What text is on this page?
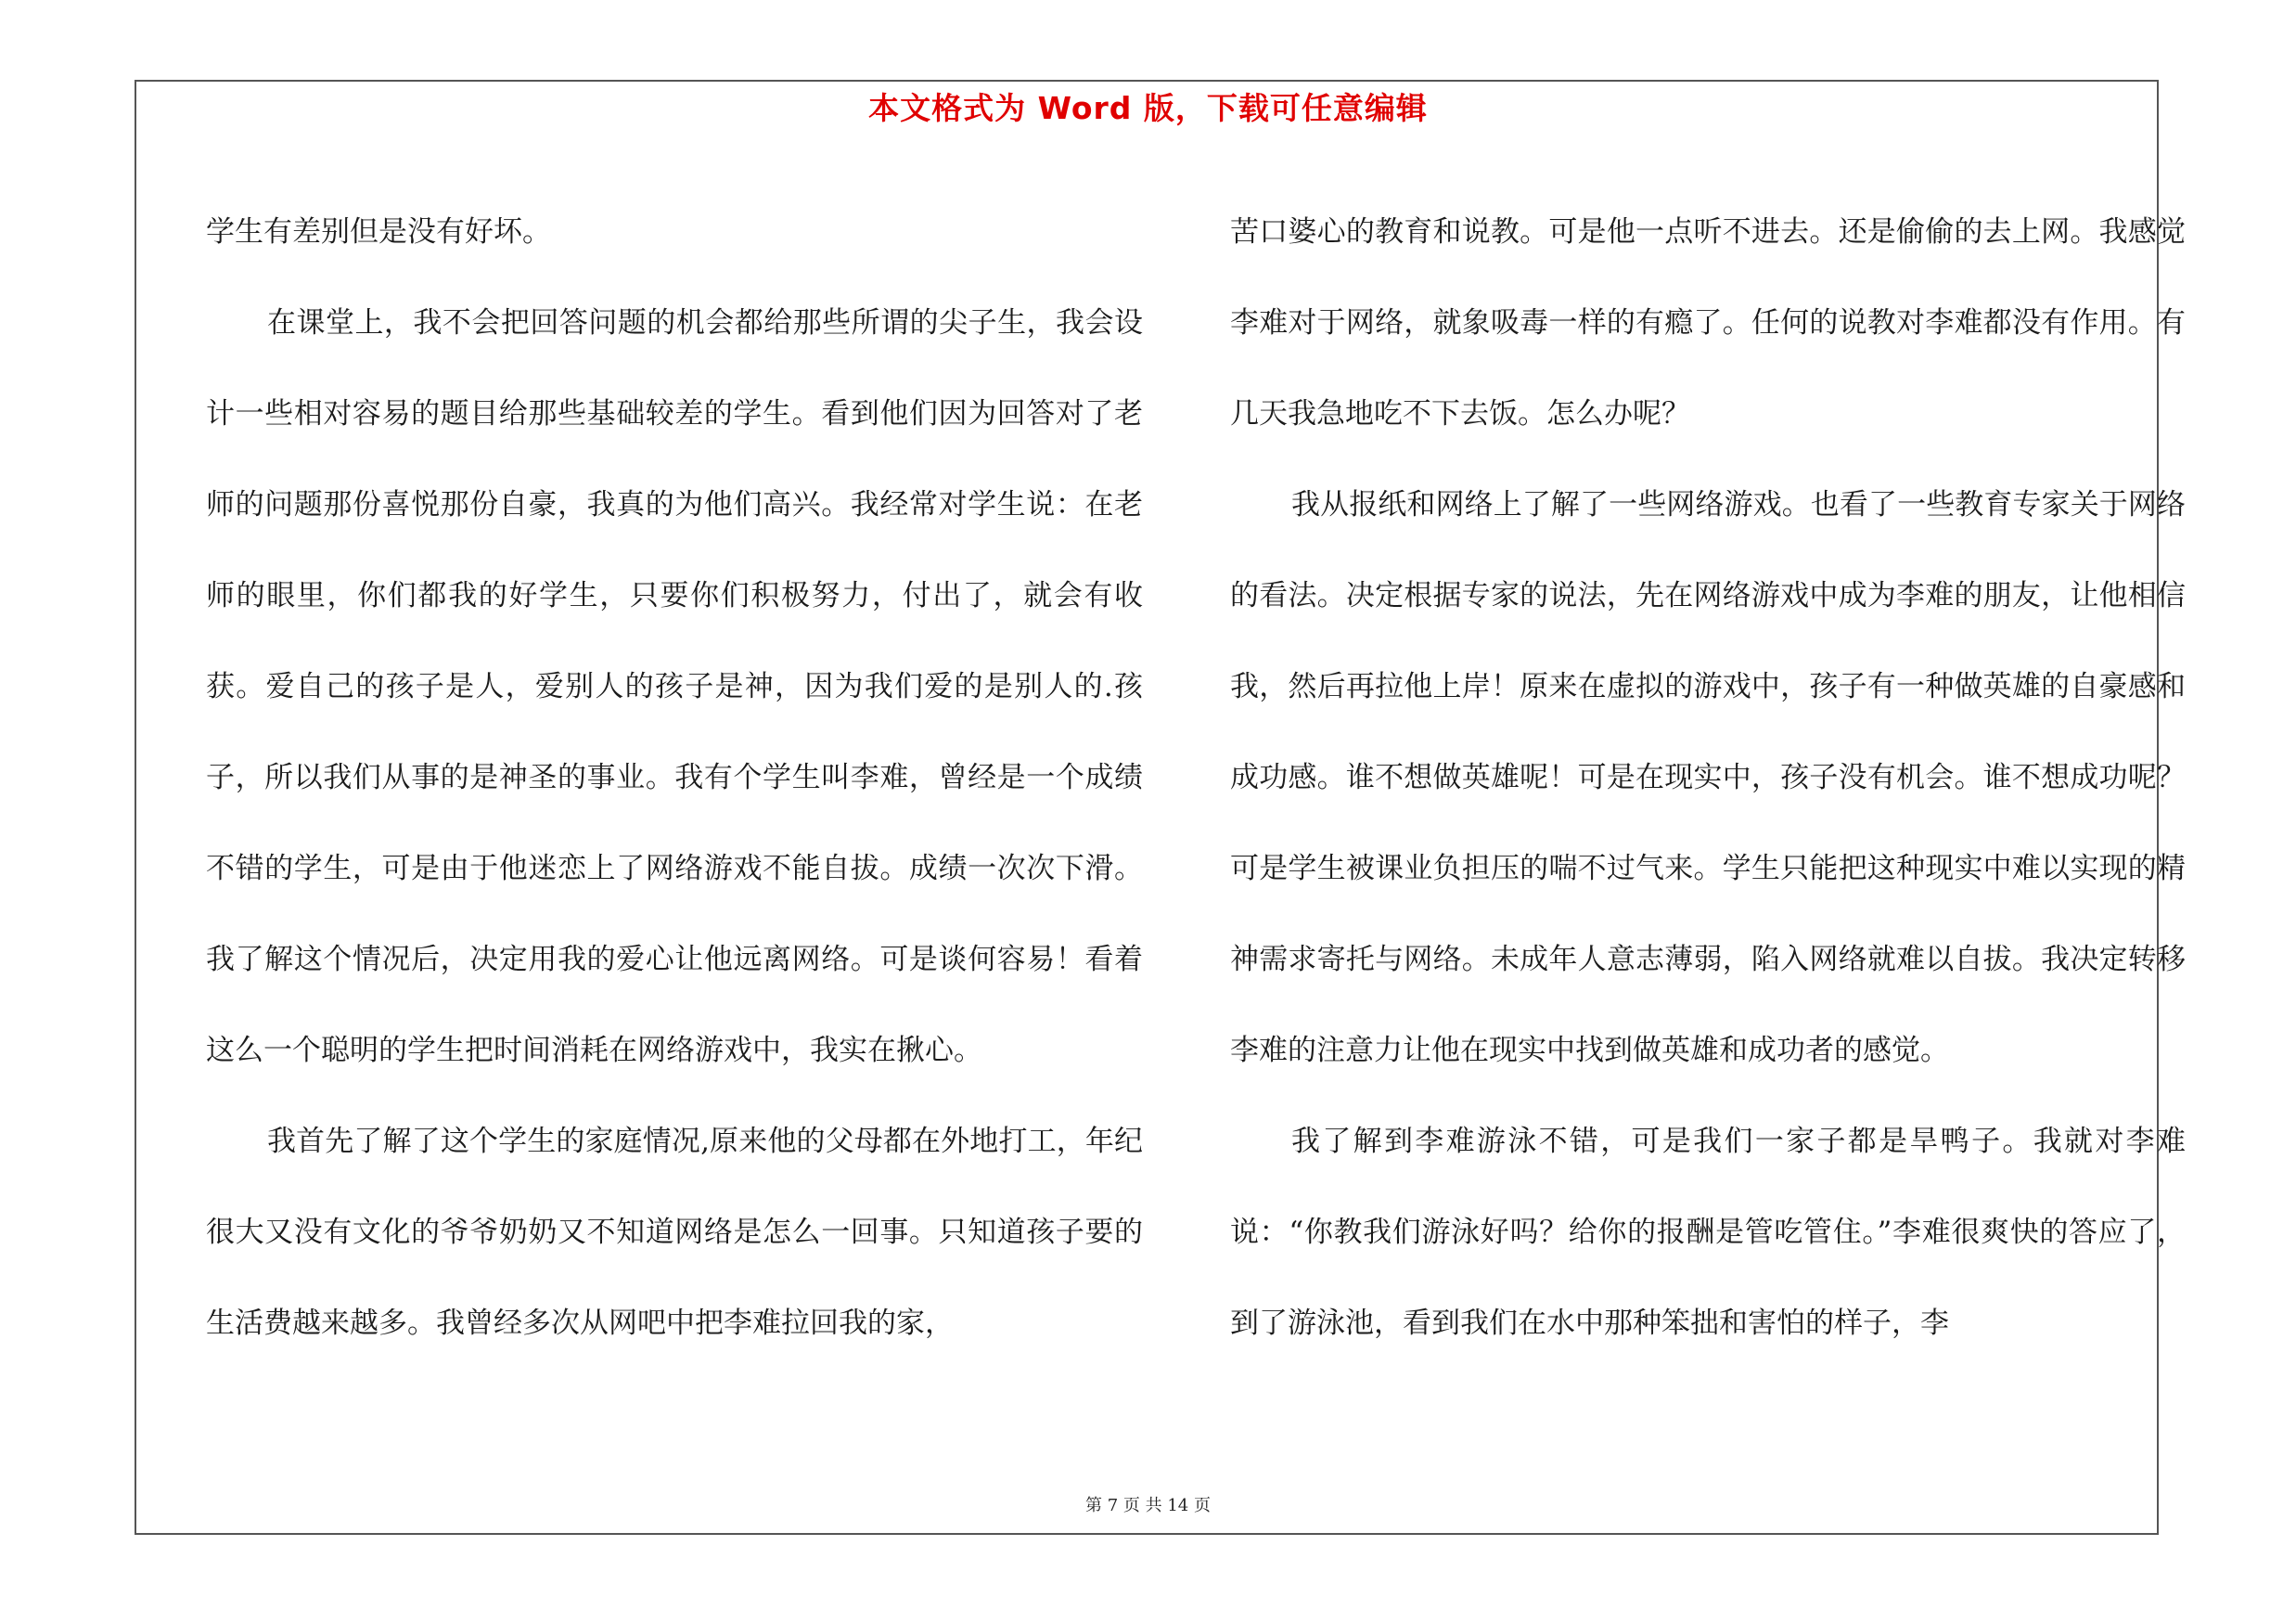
本文格式为 Word 版，下载可任意编辑

学生有差别但是没有好坏。

在课堂上，我不会把回答问题的机会都给那些所谓的尖子生，我会设计一些相对容易的题目给那些基础较差的学生。看到他们因为回答对了老师的问题那份喜悦那份自豪，我真的为他们高兴。我经常对学生说：在老师的眼里，你们都我的好学生，只要你们积极努力，付出了，就会有收获。爱自己的孩子是人，爱别人的孩子是神，因为我们爱的是别人的.孩子，所以我们从事的是神圣的事业。我有个学生叫李难，曾经是一个成绩不错的学生，可是由于他迷恋上了网络游戏不能自拔。成绩一次次下滑。我了解这个情况后，决定用我的爱心让他远离网络。可是谈何容易！看着这么一个聪明的学生把时间消耗在网络游戏中，我实在揪心。

我首先了解了这个学生的家庭情况,原来他的父母都在外地打工，年纪很大又没有文化的爷爷奶奶又不知道网络是怎么一回事。只知道孩子要的生活费越来越多。我曾经多次从网吧中把李难拉回我的家，

苦口婆心的教育和说教。可是他一点听不进去。还是偷偷的去上网。我感觉李难对于网络，就象吸毒一样的有瘾了。任何的说教对李难都没有作用。有几天我急地吃不下去饭。怎么办呢？

我从报纸和网络上了解了一些网络游戏。也看了一些教育专家关于网络的看法。决定根据专家的说法，先在网络游戏中成为李难的朋友，让他相信我，然后再拉他上岸！原来在虚拟的游戏中，孩子有一种做英雄的自豪感和成功感。谁不想做英雄呢！可是在现实中，孩子没有机会。谁不想成功呢？可是学生被课业负担压的喘不过气来。学生只能把这种现实中难以实现的精神需求寄托与网络。未成年人意志薄弱，陷入网络就难以自拔。我决定转移李难的注意力让他在现实中找到做英雄和成功者的感觉。

我了解到李难游泳不错，可是我们一家子都是旱鸭子。我就对李难说：“你教我们游泳好吗？给你的报酬是管吃管住。”李难很爽快的答应了，到了游泳池，看到我们在水中那种笨拙和害怕的样子，李

第 7 页 共 14 页
